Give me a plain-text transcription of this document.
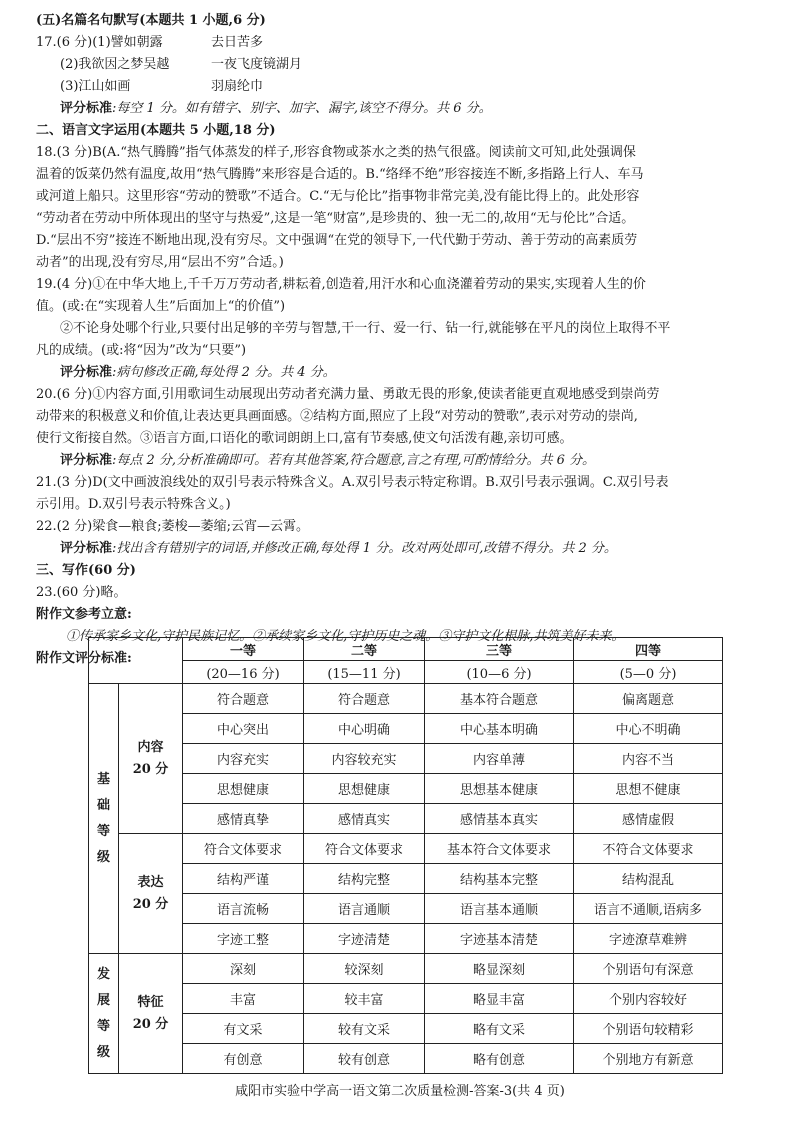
(五)名篇名句默写(本题共 1 小题,6 分)
17.(6 分)(1)譬如朝露	去日苦多
(2)我欲因之梦吴越	一夜飞度镜湖月
(3)江山如画	羽扇纶巾
评分标准:每空 1 分。如有错字、别字、加字、漏字,该空不得分。共 6 分。
二、语言文字运用(本题共 5 小题,18 分)
18.(3 分)B(A.“热气腾腾”指气体蒸发的样子,形容食物或茶水之类的热气很盛。阅读前文可知,此处强调保
温着的饭菜仍然有温度,故用“热气腾腾”来形容是合适的。B.“络绎不绝”形容接连不断,多指路上行人、车马
或河道上船只。这里形容“劳动的赞歌”不适合。C.“无与伦比”指事物非常完美,没有能比得上的。此处形容
“劳动者在劳动中所体现出的坚守与热爱”,这是一笔“财富”,是珍贵的、独一无二的,故用“无与伦比”合适。
D.“层出不穷”接连不断地出现,没有穷尽。文中强调“在党的领导下,一代代勤于劳动、善于劳动的高素质劳
动者”的出现,没有穷尽,用“层出不穷”合适。)
19.(4 分)①在中华大地上,千千万万劳动者,耕耘着,创造着,用汗水和心血浇灌着劳动的果实,实现着人生的价
值。(或:在“实现着人生”后面加上“的价值”)
②不论身处哪个行业,只要付出足够的辛劳与智慧,干一行、爱一行、钻一行,就能够在平凡的岗位上取得不平
凡的成绩。(或:将“因为”改为“只要”)
评分标准:病句修改正确,每处得 2 分。共 4 分。
20.(6 分)①内容方面,引用歌词生动展现出劳动者充满力量、勇敢无畏的形象,使读者能更直观地感受到崇尚劳
动带来的积极意义和价值,让表达更具画面感。②结构方面,照应了上段“对劳动的赞歌”,表示对劳动的崇尚,
使行文衔接自然。③语言方面,口语化的歌词朗朗上口,富有节奏感,使文句活泼有趣,亲切可感。
评分标准:每点 2 分,分析准确即可。若有其他答案,符合题意,言之有理,可酌情给分。共 6 分。
21.(3 分)D(文中画波浪线处的双引号表示特殊含义。A.双引号表示特定称谓。B.双引号表示强调。C.双引号表
示引用。D.双引号表示特殊含义。)
22.(2 分)梁食—粮食;萎梭—萎缩;云宵—云霄。
评分标准:找出含有错别字的词语,并修改正确,每处得 1 分。改对两处即可,改错不得分。共 2 分。
三、写作(60 分)
23.(60 分)略。
附作文参考立意:
①传承家乡文化,守护民族记忆。②承续家乡文化,守护历史之魂。③守护文化根脉,共筑美好未来。
附作文评分标准:
		一等	二等	三等	四等
		(20—16 分)	(15—11 分)	(10—6 分)	(5—0 分)

基
础
等
级	内容
20 分	符合题意	符合题意	基本符合题意	偏离题意
		中心突出	中心明确	中心基本明确	中心不明确
		内容充实	内容较充实	内容单薄	内容不当
		思想健康	思想健康	思想基本健康	思想不健康
		感情真挚	感情真实	感情基本真实	感情虚假

	表达
20 分	符合文体要求	符合文体要求	基本符合文体要求	不符合文体要求
		结构严谨	结构完整	结构基本完整	结构混乱
		语言流畅	语言通顺	语言基本通顺	语言不通顺,语病多
		字迹工整	字迹清楚	字迹基本清楚	字迹潦草难辨

发
展
等
级	特征
20 分	深刻	较深刻	略显深刻	个别语句有深意
		丰富	较丰富	略显丰富	个别内容较好
		有文采	较有文采	略有文采	个别语句较精彩
		有创意	较有创意	略有创意	个别地方有新意
咸阳市实验中学高一语文第二次质量检测-答案-3(共 4 页)
